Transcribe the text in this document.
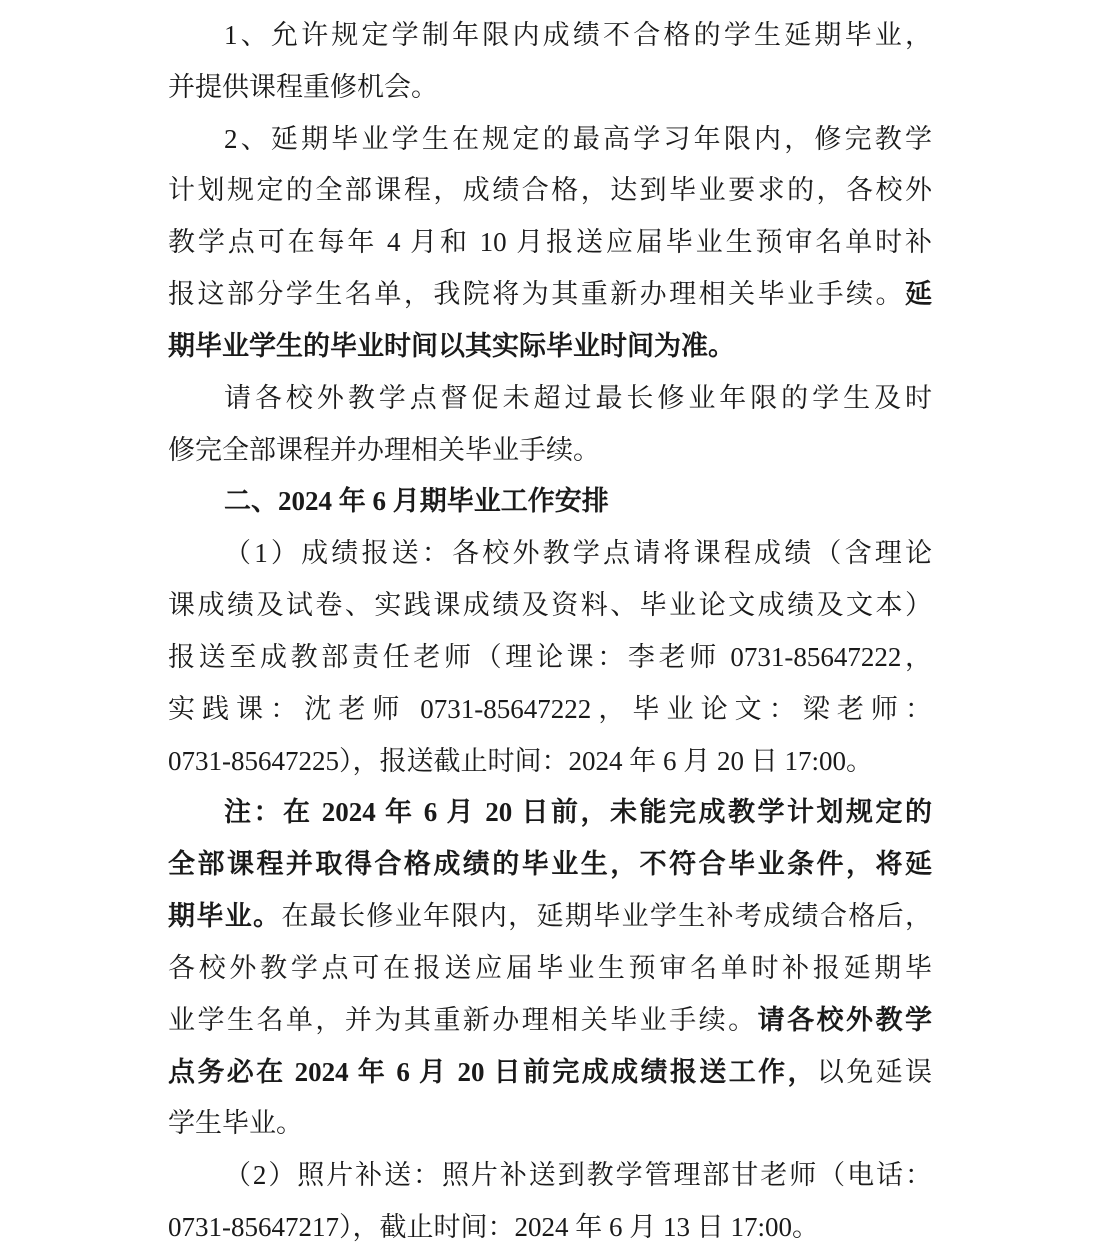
1、允许规定学制年限内成绩不合格的学生延期毕业，
并提供课程重修机会。
2、延期毕业学生在规定的最高学习年限内，修完教学
计划规定的全部课程，成绩合格，达到毕业要求的，各校外
教学点可在每年 4 月和 10 月报送应届毕业生预审名单时补
报这部分学生名单，我院将为其重新办理相关毕业手续。延
期毕业学生的毕业时间以其实际毕业时间为准。
请各校外教学点督促未超过最长修业年限的学生及时
修完全部课程并办理相关毕业手续。
二、2024 年 6 月期毕业工作安排
（1）成绩报送：各校外教学点请将课程成绩（含理论
课成绩及试卷、实践课成绩及资料、毕业论文成绩及文本）
报送至成教部责任老师（理论课：李老师 0731-85647222，
实践课：沈老师 0731-85647222，毕业论文：梁老师：
0731-85647225），报送截止时间：2024 年 6 月 20 日 17:00。
注：在 2024 年 6 月 20 日前，未能完成教学计划规定的
全部课程并取得合格成绩的毕业生，不符合毕业条件，将延
期毕业。在最长修业年限内，延期毕业学生补考成绩合格后，
各校外教学点可在报送应届毕业生预审名单时补报延期毕
业学生名单，并为其重新办理相关毕业手续。请各校外教学
点务必在 2024 年 6 月 20 日前完成成绩报送工作，以免延误
学生毕业。
（2）照片补送：照片补送到教学管理部甘老师（电话：
0731-85647217），截止时间：2024 年 6 月 13 日 17:00。
